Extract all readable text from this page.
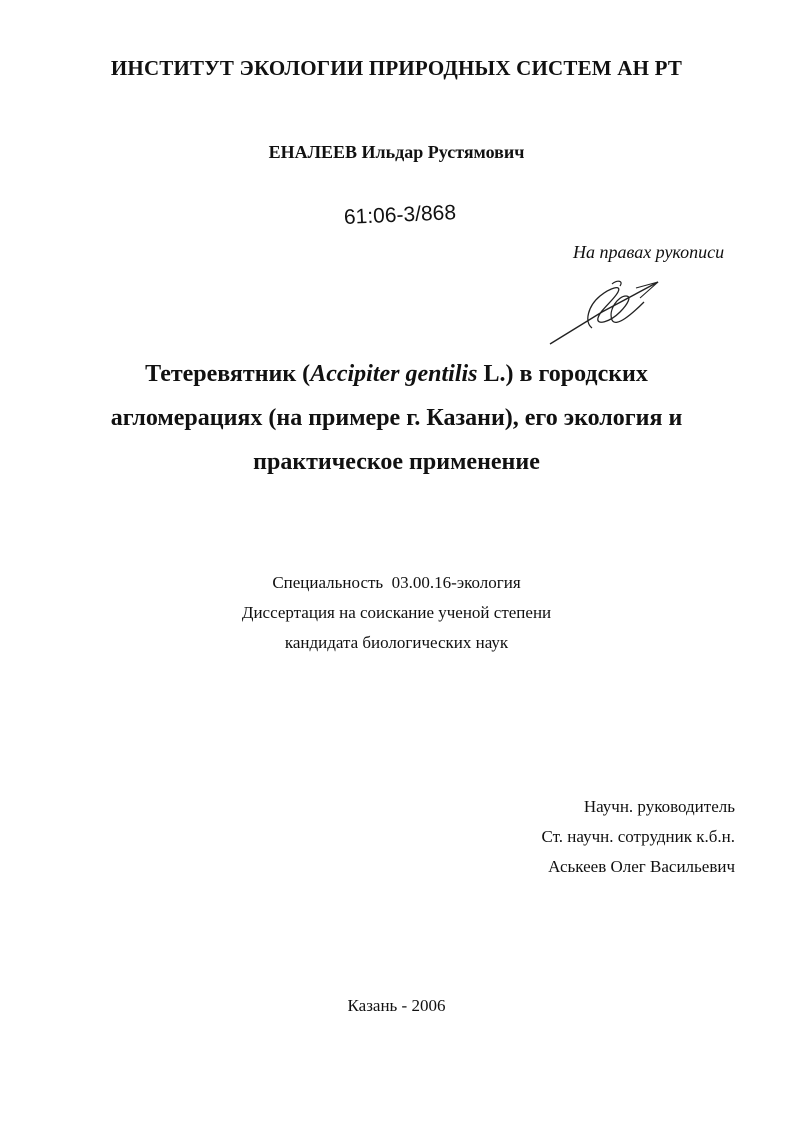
ИНСТИТУТ ЭКОЛОГИИ ПРИРОДНЫХ СИСТЕМ АН РТ
ЕНАЛЕЕВ Ильдар Рустямович
61:06-3/868
На правах рукописи
Тетеревятник (Accipiter gentilis L.) в городских
агломерациях (на примере г. Казани), его экология и
практическое применение
Специальность  03.00.16-экология
Диссертация на соискание ученой степени
кандидата биологических наук
Научн. руководитель
Ст. научн. сотрудник к.б.н.
Аськеев Олег Васильевич
Казань - 2006
